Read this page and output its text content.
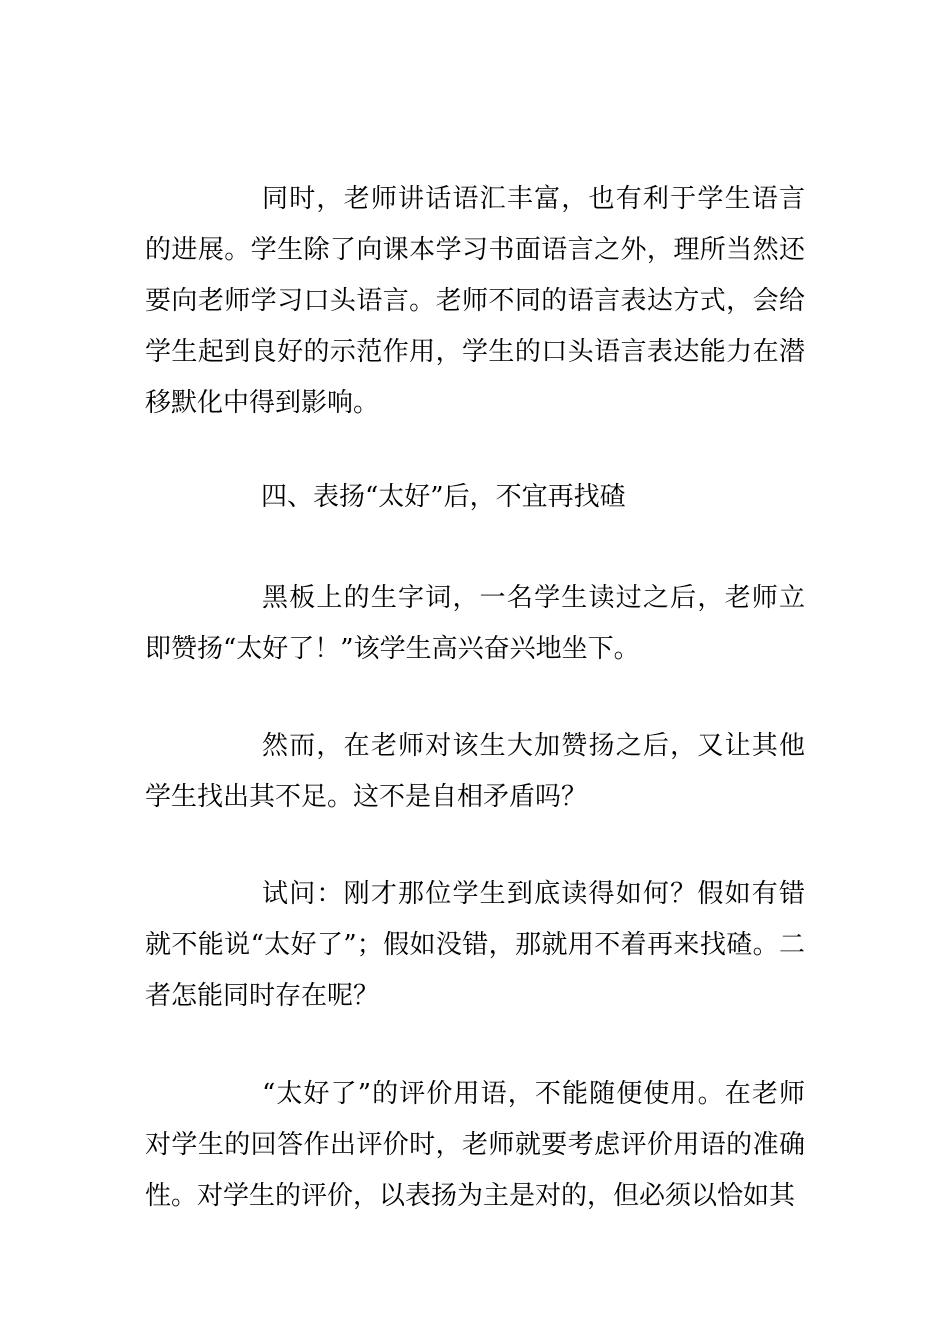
同时，老师讲话语汇丰富，也有利于学生语言的进展。学生除了向课本学习书面语言之外，理所当然还要向老师学习口头语言。老师不同的语言表达方式，会给学生起到良好的示范作用，学生的口头语言表达能力在潜移默化中得到影响。

四、表扬“太好”后，不宜再找碴

黑板上的生字词，一名学生读过之后，老师立即赞扬“太好了！”该学生高兴奋兴地坐下。

然而，在老师对该生大加赞扬之后，又让其他学生找出其不足。这不是自相矛盾吗？

试问：刚才那位学生到底读得如何？假如有错就不能说“太好了”；假如没错，那就用不着再来找碴。二者怎能同时存在呢？

“太好了”的评价用语，不能随便使用。在老师对学生的回答作出评价时，老师就要考虑评价用语的准确性。对学生的评价，以表扬为主是对的，但必须以恰如其
